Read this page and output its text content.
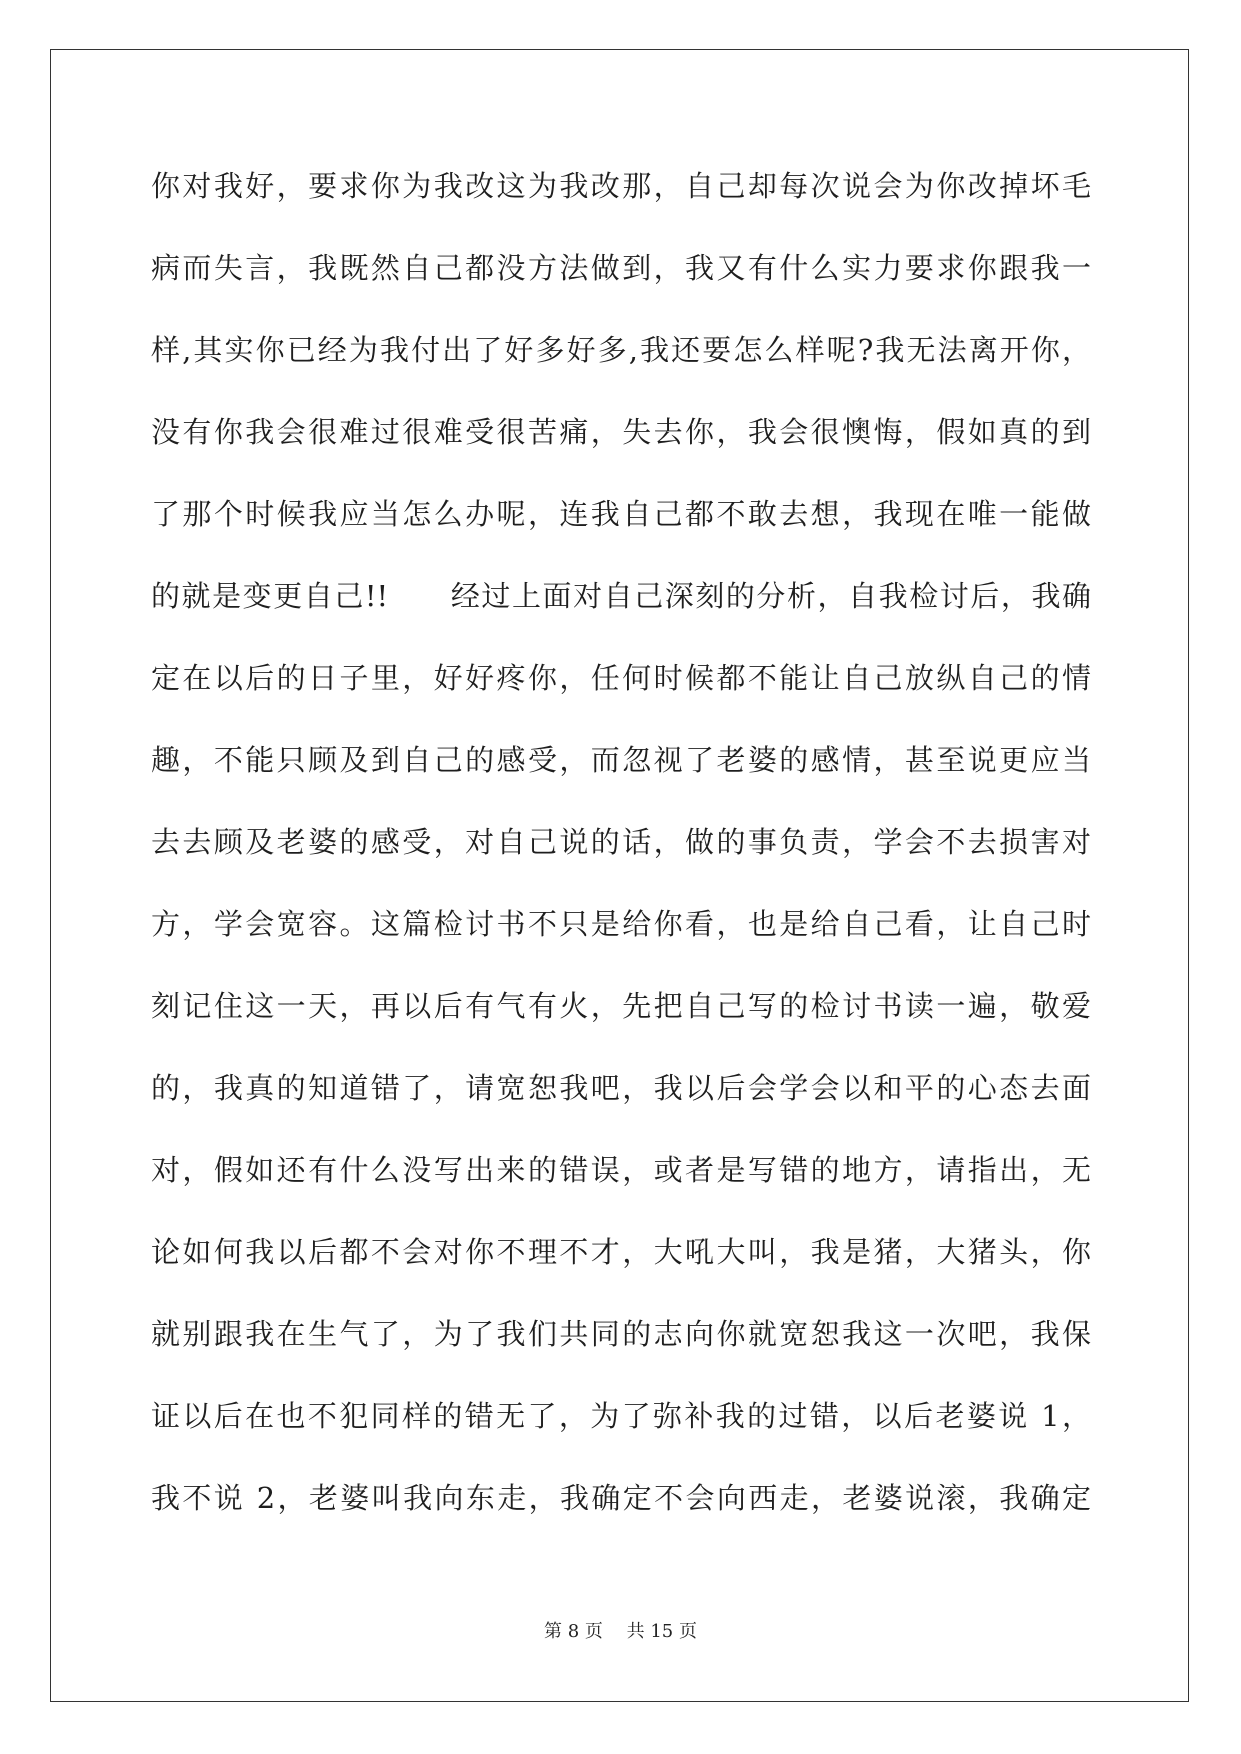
你对我好，要求你为我改这为我改那，自己却每次说会为你改掉坏毛
病而失言，我既然自己都没方法做到，我又有什么实力要求你跟我一
样,其实你已经为我付出了好多好多,我还要怎么样呢?我无法离开你，
没有你我会很难过很难受很苦痛，失去你，我会很懊悔，假如真的到
了那个时候我应当怎么办呢，连我自己都不敢去想，我现在唯一能做
的就是变更自己!!　　经过上面对自己深刻的分析，自我检讨后，我确
定在以后的日子里，好好疼你，任何时候都不能让自己放纵自己的情
趣，不能只顾及到自己的感受，而忽视了老婆的感情，甚至说更应当
去去顾及老婆的感受，对自己说的话，做的事负责，学会不去损害对
方，学会宽容。这篇检讨书不只是给你看，也是给自己看，让自己时
刻记住这一天，再以后有气有火，先把自己写的检讨书读一遍，敬爱
的，我真的知道错了，请宽恕我吧，我以后会学会以和平的心态去面
对，假如还有什么没写出来的错误，或者是写错的地方，请指出，无
论如何我以后都不会对你不理不才，大吼大叫，我是猪，大猪头，你
就别跟我在生气了，为了我们共同的志向你就宽恕我这一次吧，我保
证以后在也不犯同样的错无了，为了弥补我的过错，以后老婆说 1，
我不说 2，老婆叫我向东走，我确定不会向西走，老婆说滚，我确定
第 8 页　 共 15 页
